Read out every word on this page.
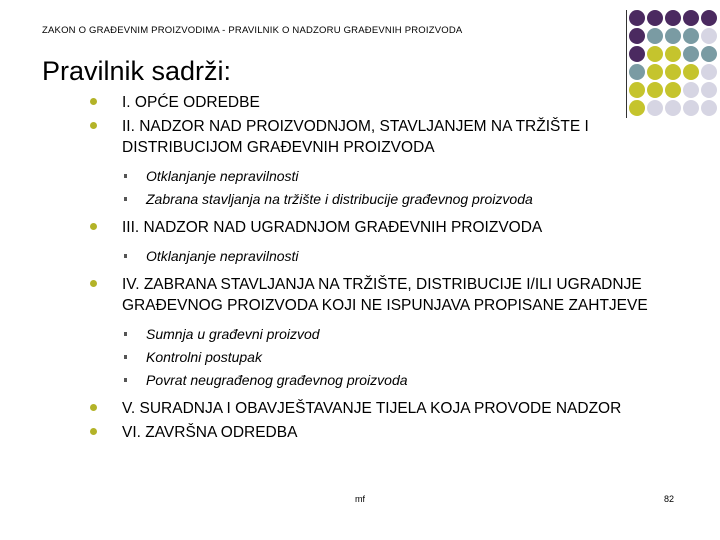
ZAKON O GRAĐEVNIM PROIZVODIMA - PRAVILNIK O NADZORU GRAĐEVNIH PROIZVODA
Pravilnik sadrži:
I. OPĆE ODREDBE
II. NADZOR NAD PROIZVODNJOM, STAVLJANJEM NA TRŽIŠTE I DISTRIBUCIJOM GRAĐEVNIH PROIZVODA
Otklanjanje nepravilnosti
Zabrana stavljanja na tržište i distribucije građevnog proizvoda
III. NADZOR NAD UGRADNJOM GRAĐEVNIH PROIZVODA
Otklanjanje nepravilnosti
IV. ZABRANA STAVLJANJA NA TRŽIŠTE, DISTRIBUCIJE I/ILI UGRADNJE GRAĐEVNOG PROIZVODA KOJI NE ISPUNJAVA PROPISANE ZAHTJEVE
Sumnja u građevni proizvod
Kontrolni postupak
Povrat neugrađenog građevnog proizvoda
V. SURADNJA I OBAVJEŠTAVANJE TIJELA KOJA PROVODE NADZOR
VI. ZAVRŠNA ODREDBA
mf	82
